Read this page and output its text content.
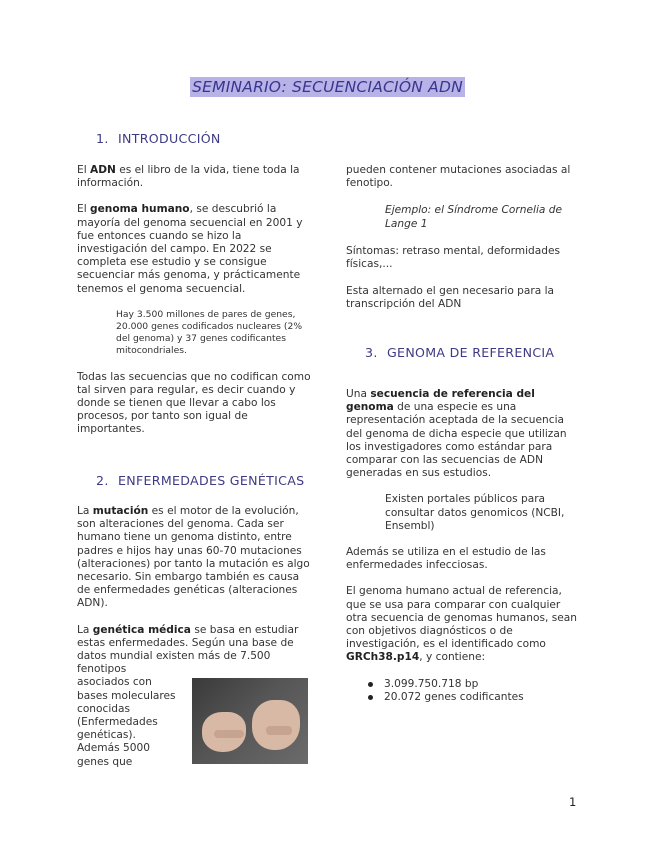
SEMINARIO: SECUENCIACIÓN ADN
1. INTRODUCCIÓN

El ADN es el libro de la vida, tiene toda la información.

El genoma humano, se descubrió la mayoría del genoma secuencial en 2001 y fue entonces cuando se hizo la investigación del campo. En 2022 se completa ese estudio y se consigue secuenciar más genoma, y prácticamente tenemos el genoma secuencial.

Hay 3.500 millones de pares de genes, 20.000 genes codificados nucleares (2% del genoma) y 37 genes codificantes mitocondriales.

Todas las secuencias que no codifican como tal sirven para regular, es decir cuando y donde se tienen que llevar a cabo los procesos, por tanto son igual de importantes.

2. ENFERMEDADES GENÉTICAS

La mutación es el motor de la evolución, son alteraciones del genoma. Cada ser humano tiene un genoma distinto, entre padres e hijos hay unas 60-70 mutaciones (alteraciones) por tanto la mutación es algo necesario. Sin embargo también es causa de enfermedades genéticas (alteraciones ADN).

La genética médica se basa en estudiar estas enfermedades. Según una base de datos mundial existen más de 7.500

fenotipos asociados con bases moleculares conocidas (Enfermedades genéticas). Además 5000 genes que

pueden contener mutaciones asociadas al fenotipo.

Ejemplo: el Síndrome Cornelia de Lange 1

Síntomas: retraso mental, deformidades físicas,...

Esta alternado el gen necesario para la transcripción del ADN

3. GENOMA DE REFERENCIA

Una secuencia de referencia del genoma de una especie es una representación aceptada de la secuencia del genoma de dicha especie que utilizan los investigadores como estándar para comparar con las secuencias de ADN generadas en sus estudios.

Existen portales públicos para consultar datos genomicos (NCBI, Ensembl)

Además se utiliza en el estudio de las enfermedades infecciosas.

El genoma humano actual de referencia, que se usa para comparar con cualquier otra secuencia de genomas humanos, sean con objetivos diagnósticos o de investigación, es el identificado como GRCh38.p14, y contiene:

3.099.750.718 bp
20.072 genes codificantes
1
